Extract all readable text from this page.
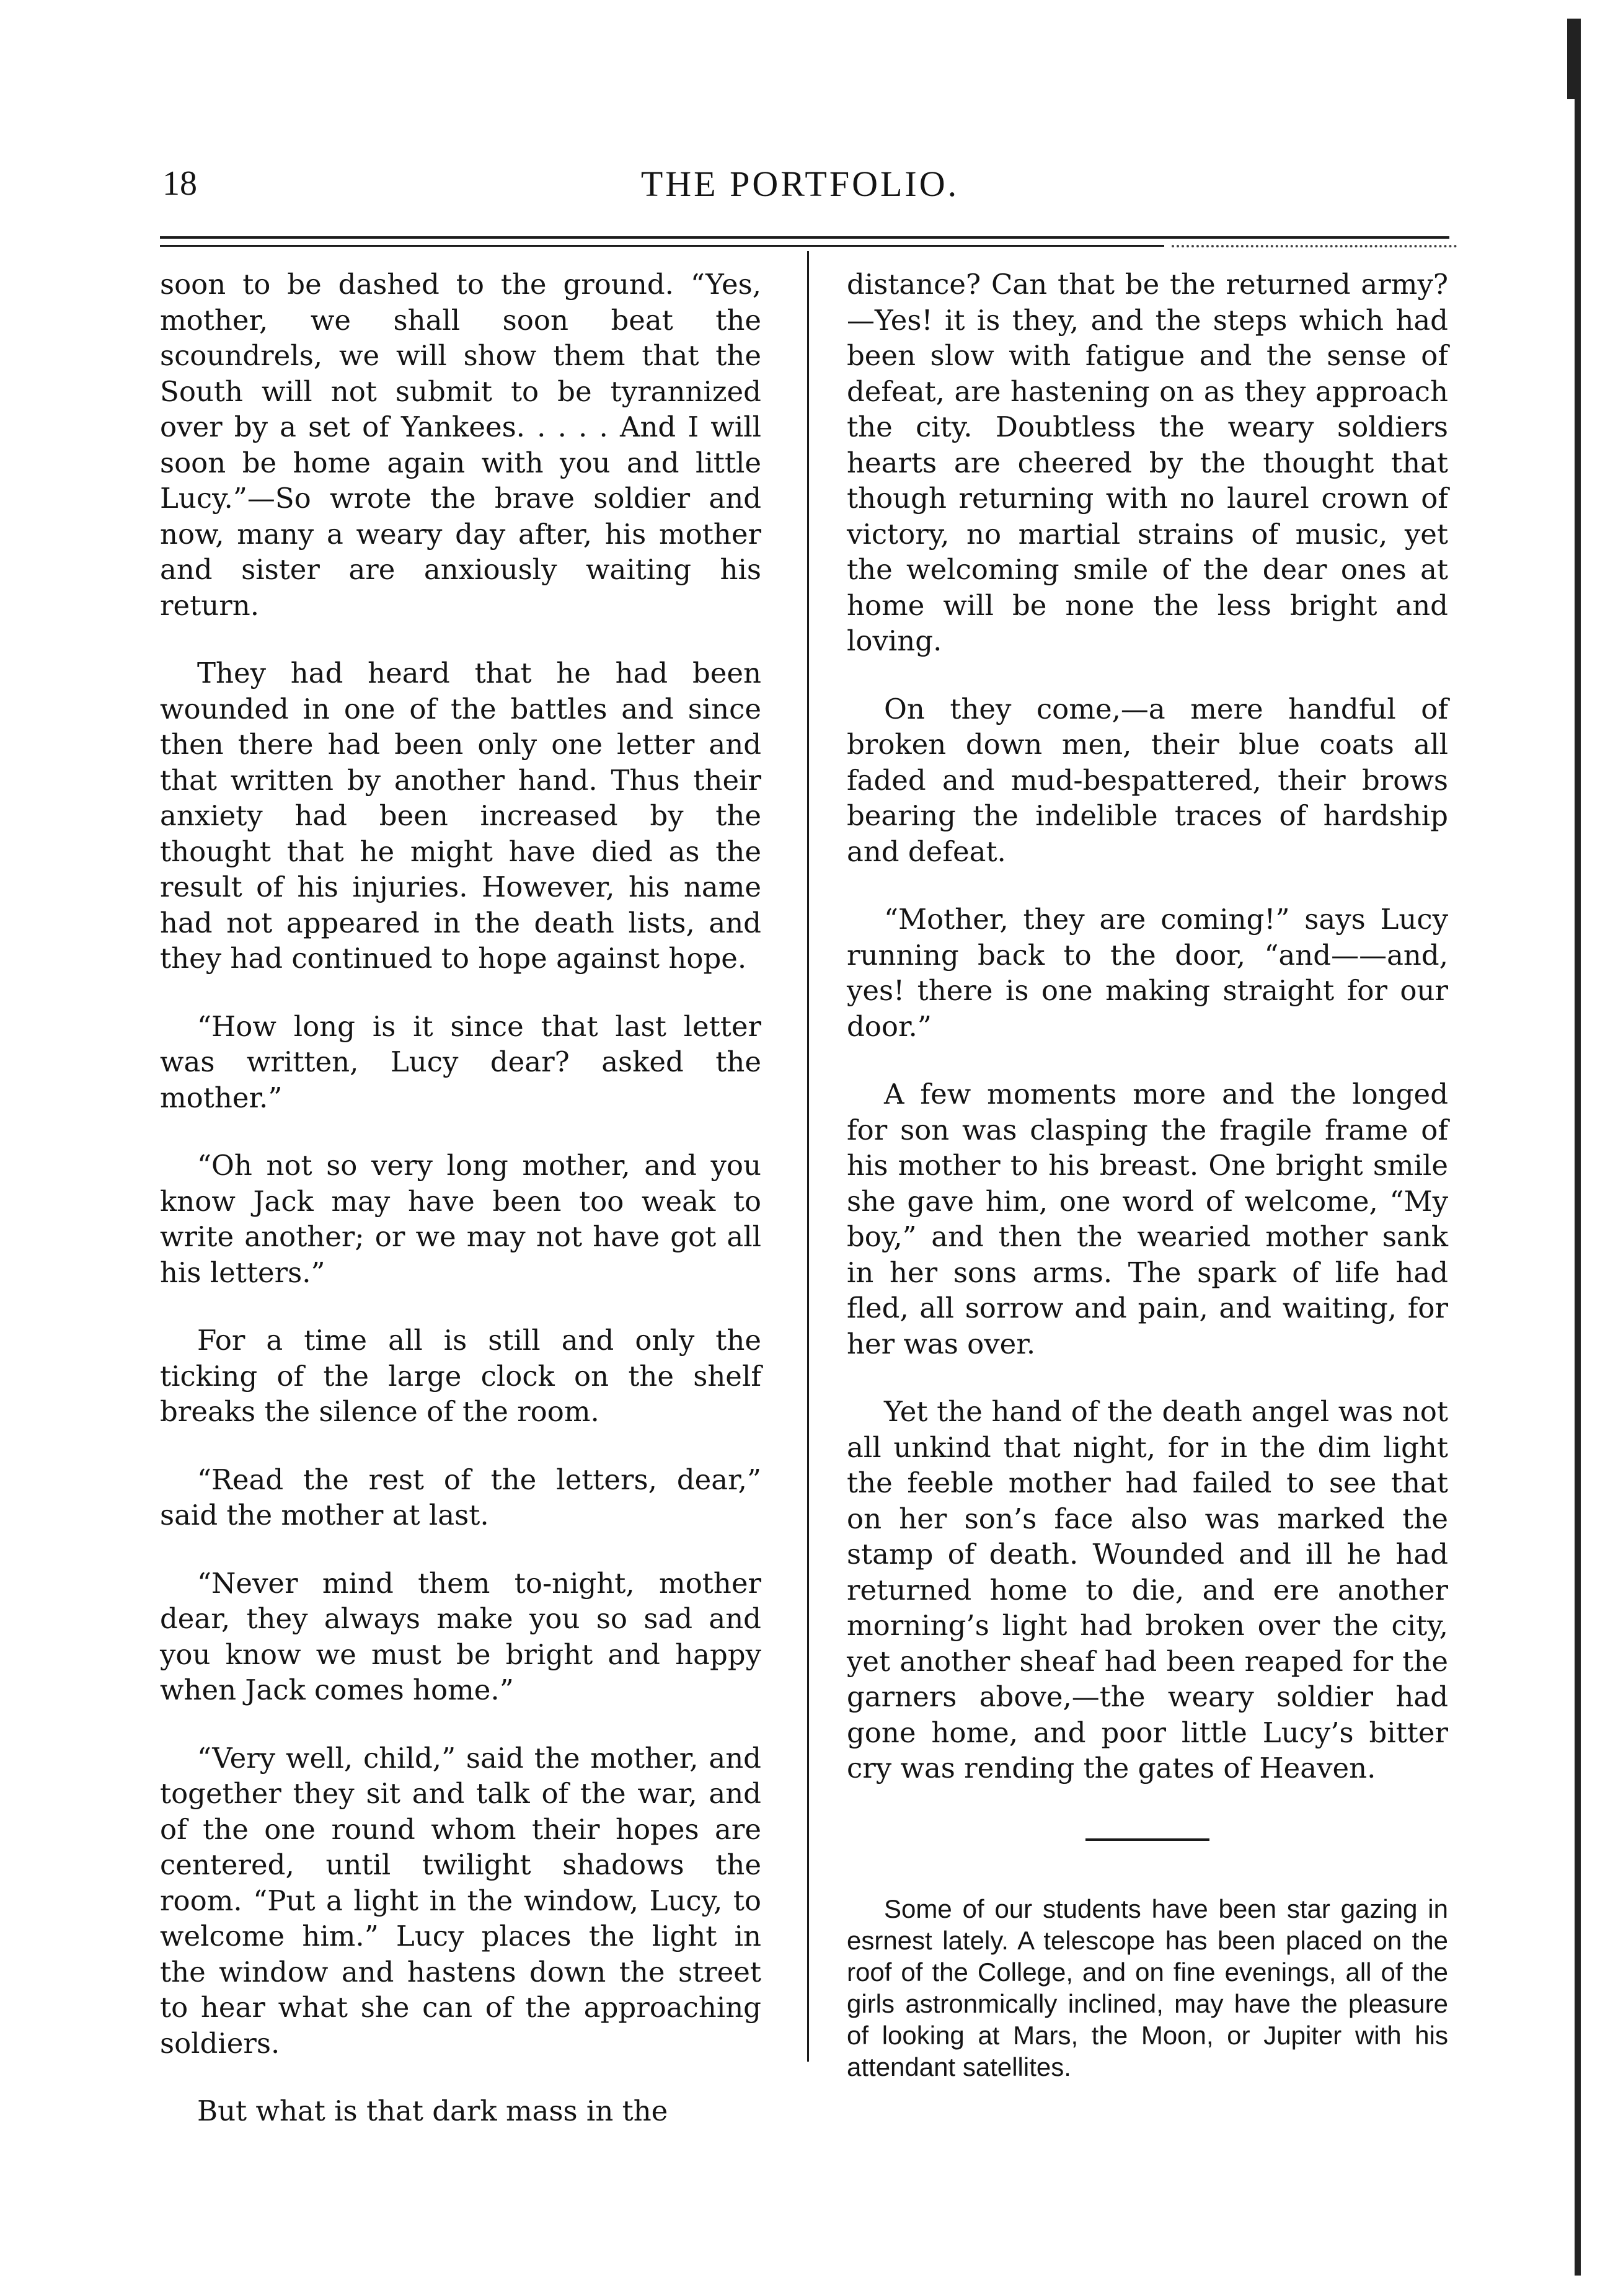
18	THE PORTFOLIO.

soon to be dashed to the ground. “Yes, mother, we shall soon beat the scoundrels, we will show them that the South will not submit to be tyrannized over by a set of Yankees. . . . . And I will soon be home again with you and little Lucy.”—So wrote the brave soldier and now, many a weary day after, his mother and sister are anxiously waiting his return.

They had heard that he had been wounded in one of the battles and since then there had been only one letter and that written by another hand. Thus their anxiety had been increased by the thought that he might have died as the result of his injuries. However, his name had not appeared in the death lists, and they had continued to hope against hope.

“How long is it since that last letter was written, Lucy dear? asked the mother.”

“Oh not so very long mother, and you know Jack may have been too weak to write another; or we may not have got all his letters.”

For a time all is still and only the ticking of the large clock on the shelf breaks the silence of the room.

“Read the rest of the letters, dear,” said the mother at last.

“Never mind them to-night, mother dear, they always make you so sad and you know we must be bright and happy when Jack comes home.”

“Very well, child,” said the mother, and together they sit and talk of the war, and of the one round whom their hopes are centered, until twilight shadows the room. “Put a light in the window, Lucy, to welcome him.” Lucy places the light in the window and hastens down the street to hear what she can of the approaching soldiers.

But what is that dark mass in the

distance? Can that be the returned army?—Yes! it is they, and the steps which had been slow with fatigue and the sense of defeat, are hastening on as they approach the city. Doubtless the weary soldiers hearts are cheered by the thought that though returning with no laurel crown of victory, no martial strains of music, yet the welcoming smile of the dear ones at home will be none the less bright and loving.

On they come,—a mere handful of broken down men, their blue coats all faded and mud-bespattered, their brows bearing the indelible traces of hardship and defeat.

“Mother, they are coming!” says Lucy running back to the door, “and——and, yes! there is one making straight for our door.”

A few moments more and the longed for son was clasping the fragile frame of his mother to his breast. One bright smile she gave him, one word of welcome, “My boy,” and then the wearied mother sank in her sons arms. The spark of life had fled, all sorrow and pain, and waiting, for her was over.

Yet the hand of the death angel was not all unkind that night, for in the dim light the feeble mother had failed to see that on her son’s face also was marked the stamp of death. Wounded and ill he had returned home to die, and ere another morning’s light had broken over the city, yet another sheaf had been reaped for the garners above,—the weary soldier had gone home, and poor little Lucy’s bitter cry was rending the gates of Heaven.

Some of our students have been star gazing in esrnest lately. A telescope has been placed on the roof of the College, and on fine evenings, all of the girls astronmically inclined, may have the pleasure of looking at Mars, the Moon, or Jupiter with his attendant satellites.
